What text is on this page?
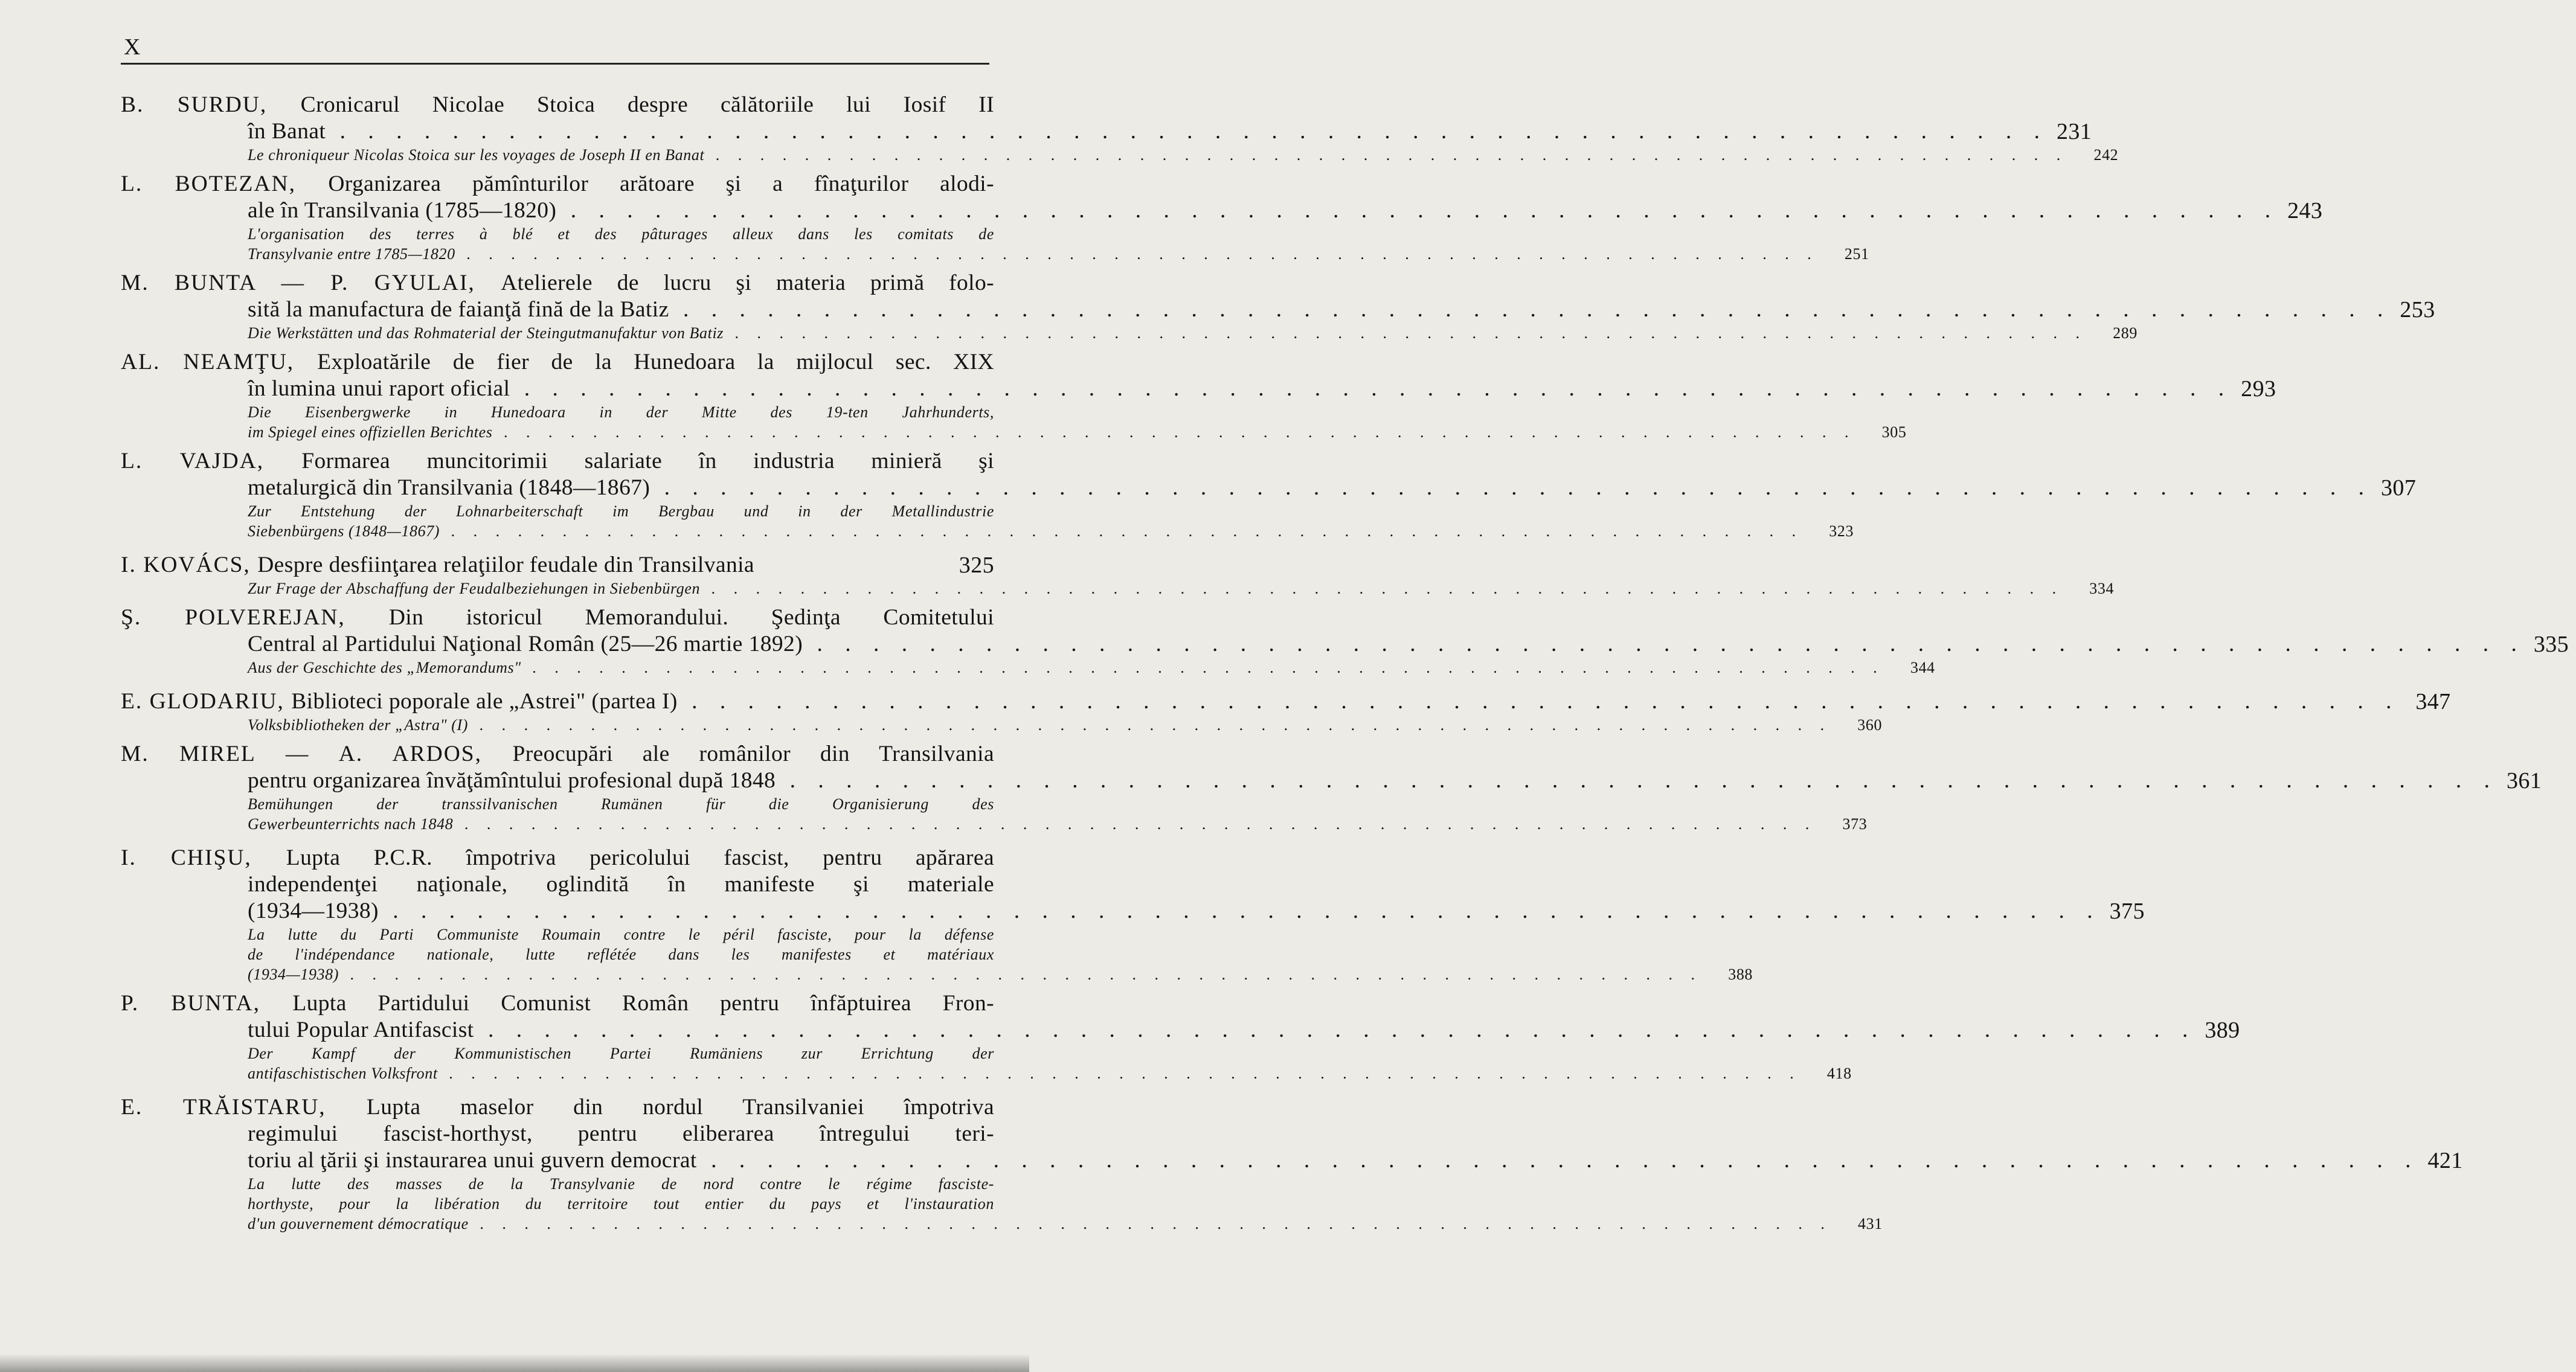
X
B. SURDU, Cronicarul Nicolae Stoica despre călătoriile lui Iosif II
în Banat . . . . . . . . . . . . . . . . . . . . . . . . . . . . . . . . . . . . . . . . . . . . . . . . . . . . . . . . . . . . . 231
Le chroniqueur Nicolas Stoica sur les voyages de Joseph II en Banat . . . . . . . . . . . . . . . . . . . . . . . . . . . . . . . . . . . . . . . . . . . . . . . . . . . . . . . . . . . . .	242
L. BOTEZAN, Organizarea pămînturilor arătoare şi a fînaţurilor alodi-
ale în Transilvania (1785—1820) . . . . . . . . . . . . . . . . . . . . . . . . . . . . . . . . . . . . . . . . . . . . . . . . . . . . . . . . . . . . . 243
L'organisation des terres à blé et des pâturages alleux dans les comitats de
Transylvanie entre 1785—1820 . . . . . . . . . . . . . . . . . . . . . . . . . . . . . . . . . . . . . . . . . . . . . . . . . . . . . . . . . . . . .	251
M. BUNTA — P. GYULAI, Atelierele de lucru şi materia primă folo-
sită la manufactura de faianţă fină de la Batiz . . . . . . . . . . . . . . . . . . . . . . . . . . . . . . . . . . . . . . . . . . . . . . . . . . . . . . . . . . . . . 253
Die Werkstätten und das Rohmaterial der Steingutmanufaktur von Batiz . . . . . . . . . . . . . . . . . . . . . . . . . . . . . . . . . . . . . . . . . . . . . . . . . . . . . . . . . . . . .	289
AL. NEAMŢU, Exploatările de fier de la Hunedoara la mijlocul sec. XIX
în lumina unui raport oficial . . . . . . . . . . . . . . . . . . . . . . . . . . . . . . . . . . . . . . . . . . . . . . . . . . . . . . . . . . . . . 293
Die Eisenbergwerke in Hunedoara in der Mitte des 19-ten Jahrhunderts,
im Spiegel eines offiziellen Berichtes . . . . . . . . . . . . . . . . . . . . . . . . . . . . . . . . . . . . . . . . . . . . . . . . . . . . . . . . . . . . .	305
L. VAJDA, Formarea muncitorimii salariate în industria minieră şi
metalurgică din Transilvania (1848—1867) . . . . . . . . . . . . . . . . . . . . . . . . . . . . . . . . . . . . . . . . . . . . . . . . . . . . . . . . . . . . . 307
Zur Entstehung der Lohnarbeiterschaft im Bergbau und in der Metallindustrie
Siebenbürgens (1848—1867) . . . . . . . . . . . . . . . . . . . . . . . . . . . . . . . . . . . . . . . . . . . . . . . . . . . . . . . . . . . . .	323
I. KOVÁCS, Despre desfiinţarea relaţiilor feudale din Transilvania	325
Zur Frage der Abschaffung der Feudalbeziehungen in Siebenbürgen . . . . . . . . . . . . . . . . . . . . . . . . . . . . . . . . . . . . . . . . . . . . . . . . . . . . . . . . . . . . .	334
Ş. POLVEREJAN, Din istoricul Memorandului. Şedinţa Comitetului
Central al Partidului Naţional Român (25—26 martie 1892) . . . . . . . . . . . . . . . . . . . . . . . . . . . . . . . . . . . . . . . . . . . . . . . . . . . . . . . . . . . . . 335
Aus der Geschichte des „Memorandums" . . . . . . . . . . . . . . . . . . . . . . . . . . . . . . . . . . . . . . . . . . . . . . . . . . . . . . . . . . . . .	344
E. GLODARIU, Biblioteci poporale ale „Astrei" (partea I) . . . . . . . . . . . . . . . . . . . . . . . . . . . . . . . . . . . . . . . . . . . . . . . . . . . . . . . . . . . . . 347
Volksbibliotheken der „Astra" (I) . . . . . . . . . . . . . . . . . . . . . . . . . . . . . . . . . . . . . . . . . . . . . . . . . . . . . . . . . . . . .	360
M. MIREL — A. ARDOS, Preocupări ale românilor din Transilvania
pentru organizarea învăţămîntului profesional după 1848 . . . . . . . . . . . . . . . . . . . . . . . . . . . . . . . . . . . . . . . . . . . . . . . . . . . . . . . . . . . . . 361
Bemühungen der transsilvanischen Rumänen für die Organisierung des
Gewerbeunterrichts nach 1848 . . . . . . . . . . . . . . . . . . . . . . . . . . . . . . . . . . . . . . . . . . . . . . . . . . . . . . . . . . . . .	373
I. CHIŞU, Lupta P.C.R. împotriva pericolului fascist, pentru apărarea
independenţei naţionale, oglindită în manifeste şi materiale
(1934—1938) . . . . . . . . . . . . . . . . . . . . . . . . . . . . . . . . . . . . . . . . . . . . . . . . . . . . . . . . . . . . . 375
La lutte du Parti Communiste Roumain contre le péril fasciste, pour la défense
de l'indépendance nationale, lutte reflétée dans les manifestes et matériaux
(1934—1938) . . . . . . . . . . . . . . . . . . . . . . . . . . . . . . . . . . . . . . . . . . . . . . . . . . . . . . . . . . . . .	388
P. BUNTA, Lupta Partidului Comunist Român pentru înfăptuirea Fron-
tului Popular Antifascist . . . . . . . . . . . . . . . . . . . . . . . . . . . . . . . . . . . . . . . . . . . . . . . . . . . . . . . . . . . . . 389
Der Kampf der Kommunistischen Partei Rumäniens zur Errichtung der
antifaschistischen Volksfront . . . . . . . . . . . . . . . . . . . . . . . . . . . . . . . . . . . . . . . . . . . . . . . . . . . . . . . . . . . . .	418
E. TRĂISTARU, Lupta maselor din nordul Transilvaniei împotriva
regimului fascist-horthyst, pentru eliberarea întregului teri-
toriu al ţării şi instaurarea unui guvern democrat . . . . . . . . . . . . . . . . . . . . . . . . . . . . . . . . . . . . . . . . . . . . . . . . . . . . . . . . . . . . . 421
La lutte des masses de la Transylvanie de nord contre le régime fasciste-
horthyste, pour la libération du territoire tout entier du pays et l'instauration
d'un gouvernement démocratique . . . . . . . . . . . . . . . . . . . . . . . . . . . . . . . . . . . . . . . . . . . . . . . . . . . . . . . . . . . . .	431
